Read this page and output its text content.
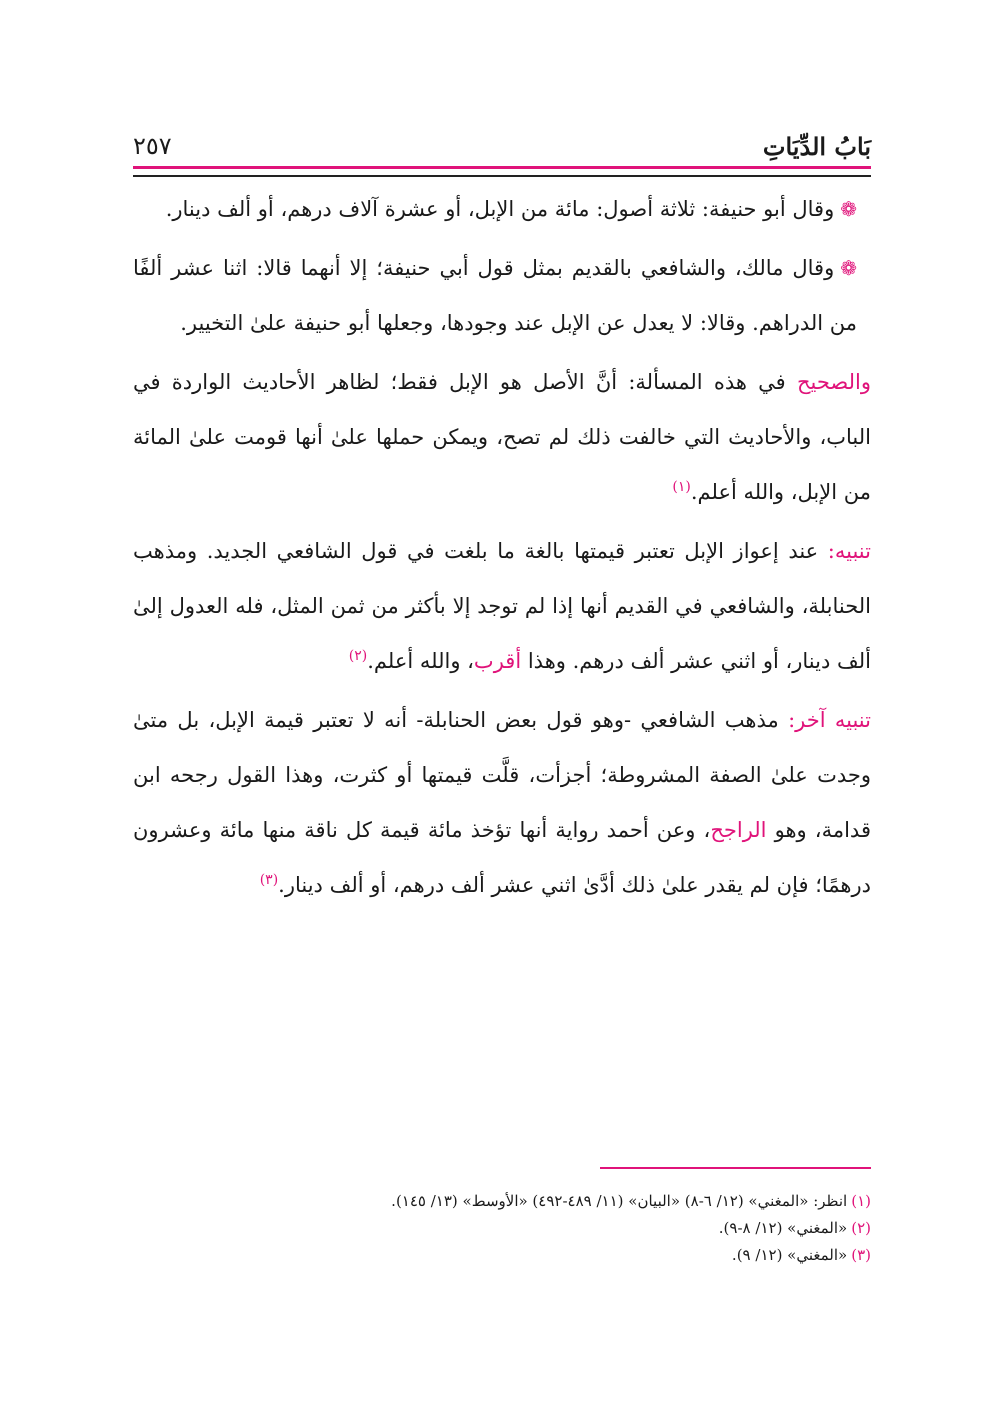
بَابُ الدِّيَاتِ
٢٥٧

❁وقال أبو حنيفة: ثلاثة أصول: مائة من الإبل، أو عشرة آلاف درهم، أو ألف دينار.

❁وقال مالك، والشافعي بالقديم بمثل قول أبي حنيفة؛ إلا أنهما قالا: اثنا عشر ألفًا من الدراهم. وقالا: لا يعدل عن الإبل عند وجودها، وجعلها أبو حنيفة علىٰ التخيير.

والصحيح في هذه المسألة: أنَّ الأصل هو الإبل فقط؛ لظاهر الأحاديث الواردة في الباب، والأحاديث التي خالفت ذلك لم تصح، ويمكن حملها علىٰ أنها قومت علىٰ المائة من الإبل، والله أعلم.$^{(١)}$

تنبيه: عند إعواز الإبل تعتبر قيمتها بالغة ما بلغت في قول الشافعي الجديد. ومذهب الحنابلة، والشافعي في القديم أنها إذا لم توجد إلا بأكثر من ثمن المثل، فله العدول إلىٰ ألف دينار، أو اثني عشر ألف درهم. وهذا أقرب، والله أعلم.$^{(٢)}$

تنبيه آخر: مذهب الشافعي -وهو قول بعض الحنابلة- أنه لا تعتبر قيمة الإبل، بل متىٰ وجدت علىٰ الصفة المشروطة؛ أجزأت، قلَّت قيمتها أو كثرت، وهذا القول رجحه ابن قدامة، وهو الراجح، وعن أحمد رواية أنها تؤخذ مائة قيمة كل ناقة منها مائة وعشرون درهمًا؛ فإن لم يقدر علىٰ ذلك أدَّىٰ اثني عشر ألف درهم، أو ألف دينار.$^{(٣)}$

(١)انظر: «المغني» (١٢/ ٦-٨) «البيان» (١١/ ٤٨٩-٤٩٢) «الأوسط» (١٣/ ١٤٥).

(٢)«المغني» (١٢/ ٨-٩).

(٣)«المغني» (١٢/ ٩).
